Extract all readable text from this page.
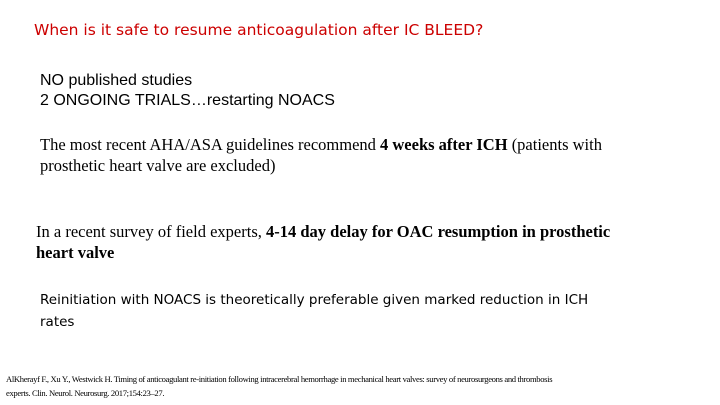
When is it safe to resume anticoagulation after IC BLEED?
NO published studies
2 ONGOING TRIALS…restarting NOACS
The most recent AHA/ASA guidelines recommend 4 weeks after ICH (patients with
prosthetic heart valve are excluded)
In a recent survey of field experts, 4-14 day delay for OAC resumption in prosthetic
heart valve
Reinitiation with NOACS is theoretically preferable given marked reduction in ICH
rates
AlKherayf F., Xu Y., Westwick H. Timing of anticoagulant re-initiation following intracerebral hemorrhage in mechanical heart valves: survey of neurosurgeons and thrombosis
experts. Clin. Neurol. Neurosurg. 2017;154:23–27.
